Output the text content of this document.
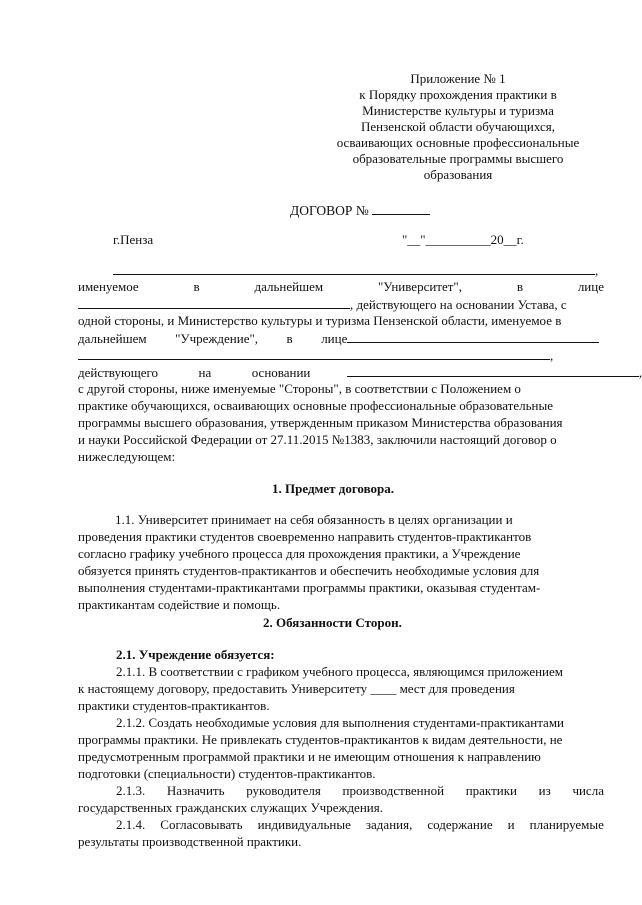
Приложение № 1
к Порядку прохождения практики в
Министерстве культуры и туризма
Пензенской области обучающихся,
осваивающих основные профессиональные
образовательные программы высшего
образования
ДОГОВОР №
г.Пенза	"__"__________20__г.
,
именуемое	в	дальнейшем	"Университет",	в	лице
, действующего на основании Устава, с
одной стороны, и Министерство культуры и туризма Пензенской области, именуемое в
дальнейшем "Учреждение", в лице
,
действующего	на	основании	,
с другой стороны, ниже именуемые "Стороны", в соответствии с Положением о
практике обучающихся, осваивающих основные профессиональные образовательные
программы высшего образования, утвержденным приказом Министерства образования
и науки Российской Федерации от 27.11.2015 №1383, заключили настоящий договор о
нижеследующем:
1. Предмет договора.
1.1. Университет принимает на себя обязанность в целях организации и
проведения практики студентов своевременно направить студентов-практикантов
согласно графику учебного процесса для прохождения практики, а Учреждение
обязуется принять студентов-практикантов и обеспечить необходимые условия для
выполнения студентами-практикантами программы практики, оказывая студентам-
практикантам содействие и помощь.
2. Обязанности Сторон.
2.1. Учреждение обязуется:
2.1.1. В соответствии с графиком учебного процесса, являющимся приложением
к настоящему договору, предоставить Университету ____ мест для проведения
практики студентов-практикантов.
2.1.2. Создать необходимые условия для выполнения студентами-практикантами
программы практики. Не привлекать студентов-практикантов к видам деятельности, не
предусмотренным программой практики и не имеющим отношения к направлению
подготовки (специальности) студентов-практикантов.
2.1.3. Назначить руководителя производственной практики из числа
государственных гражданских служащих Учреждения.
2.1.4. Согласовывать индивидуальные задания, содержание и планируемые
результаты производственной практики.
